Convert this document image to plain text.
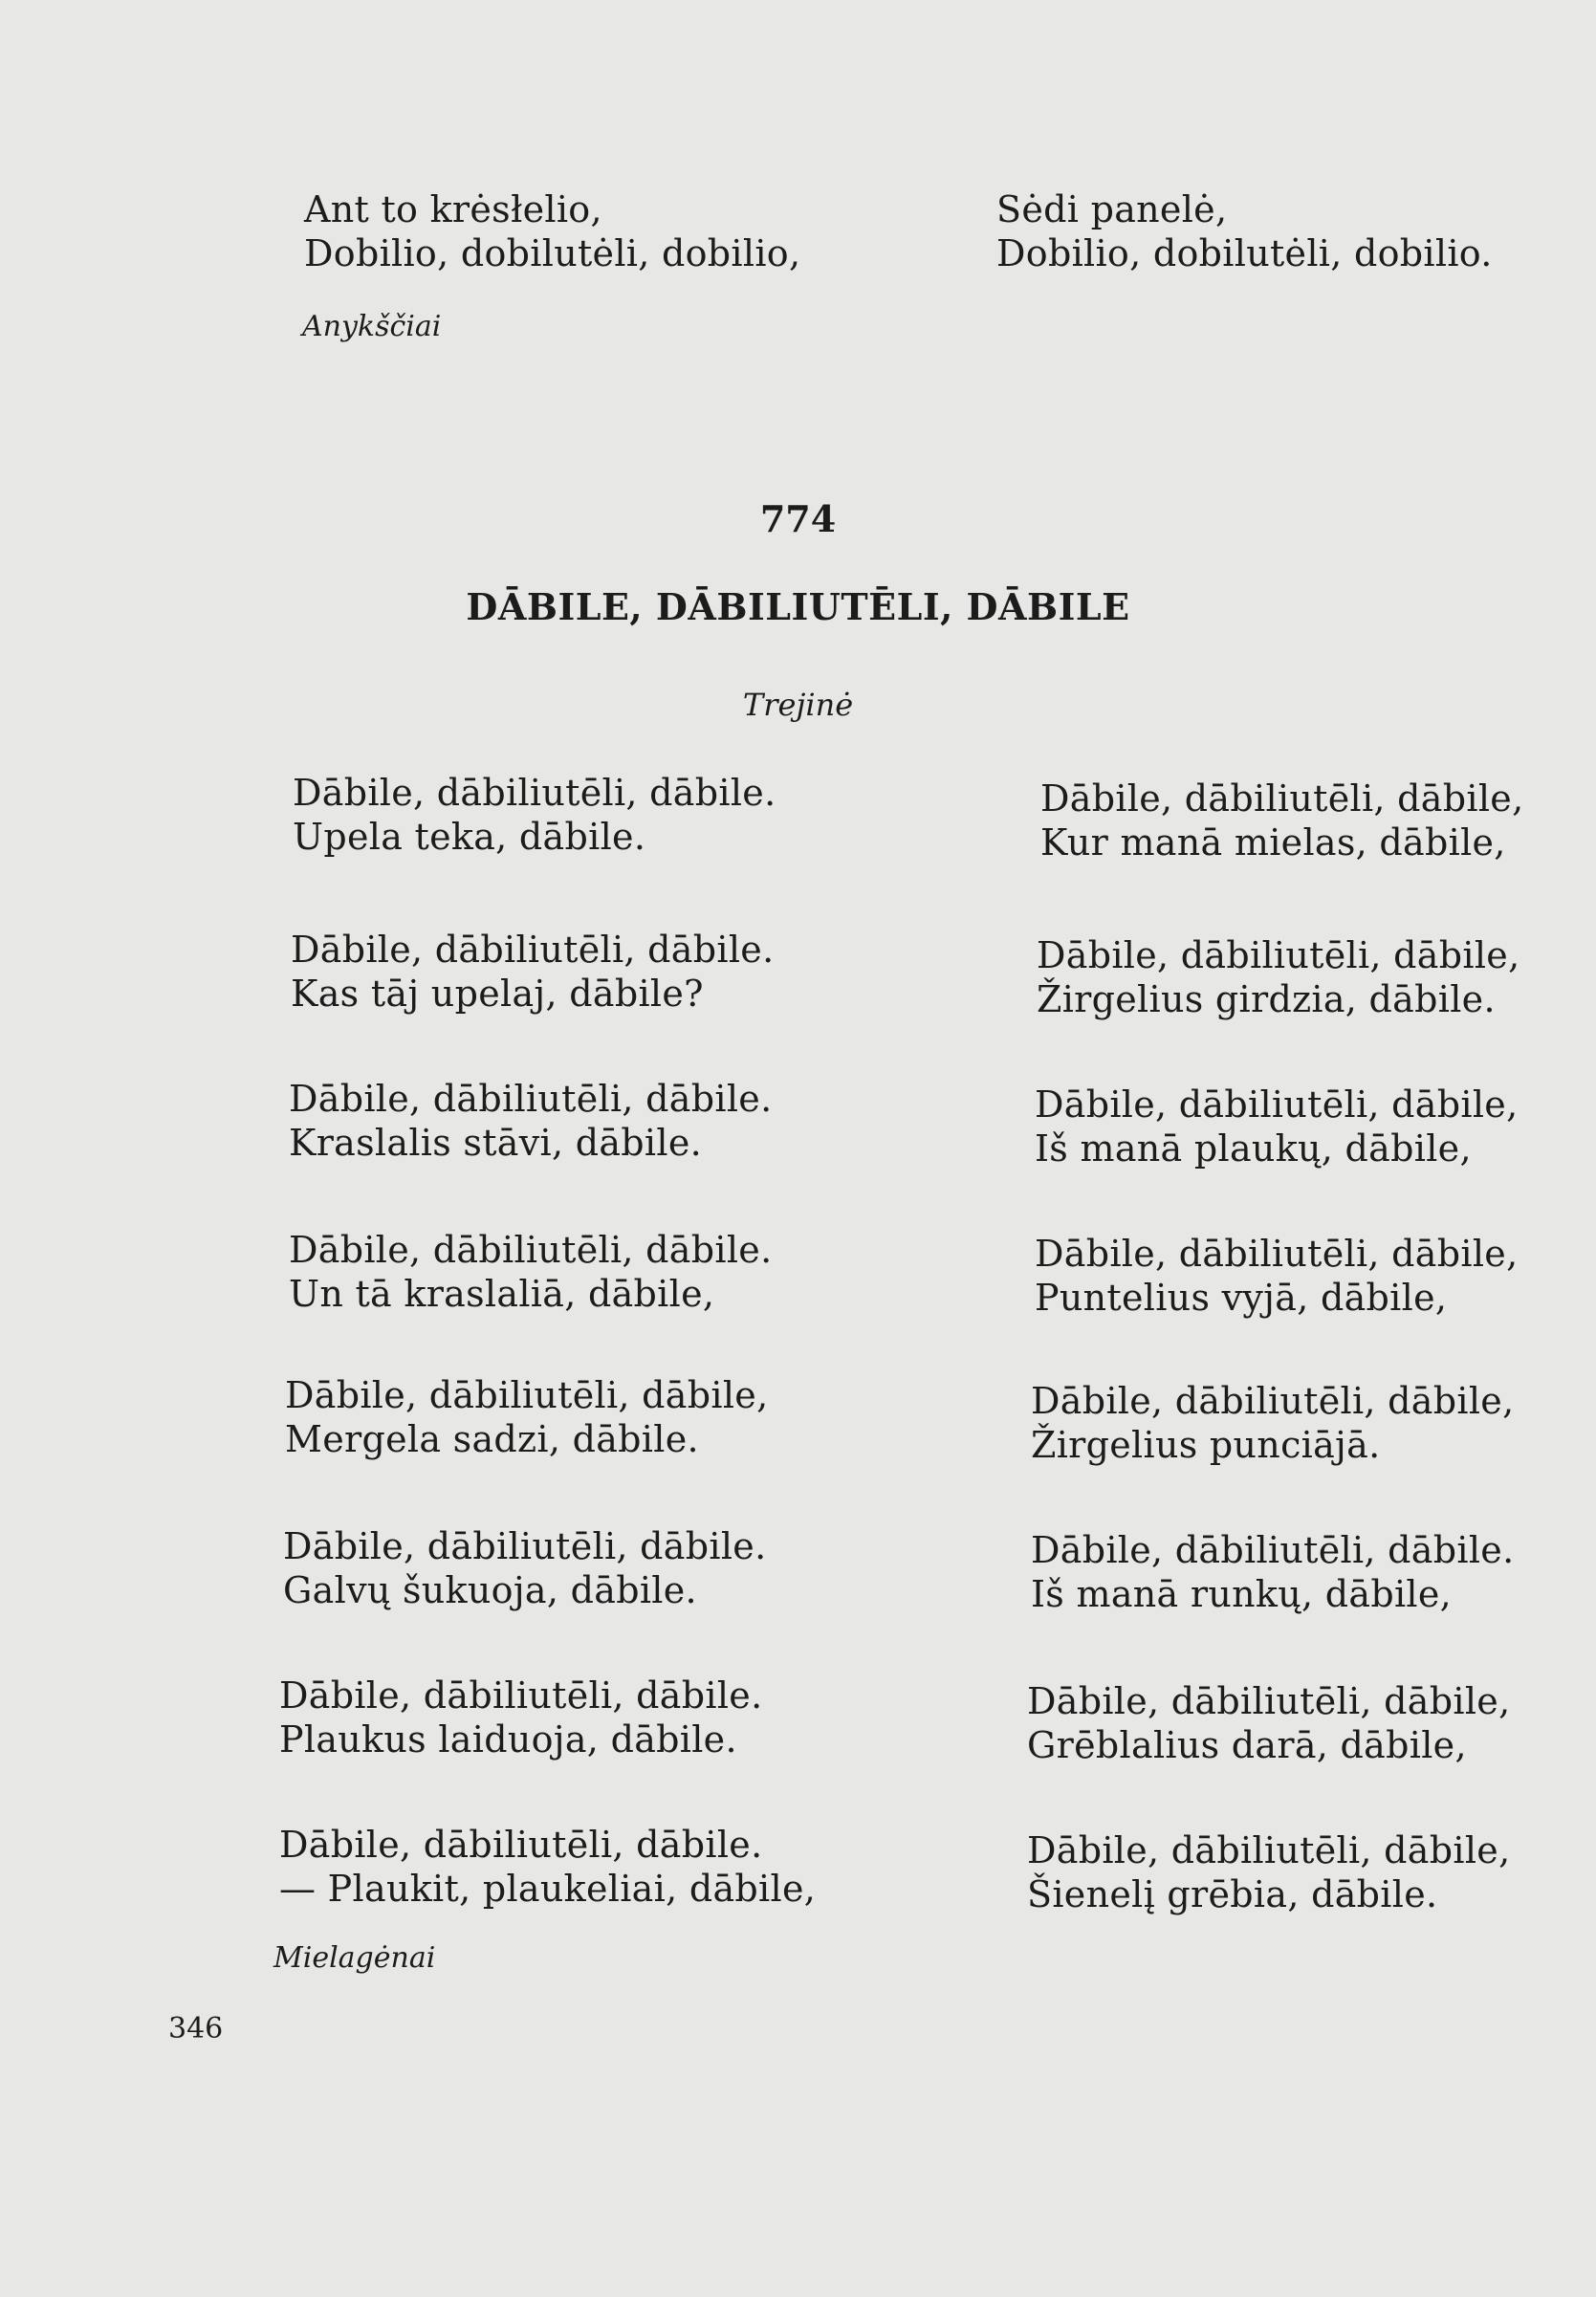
Ant to krėsłelio,
Dobilio, dobilutėli, dobilio,
Sėdi panelė,
Dobilio, dobilutėli, dobilio.
Anykščiai
774
DĀBILE, DĀBILIUTĒLI, DĀBILE
Trejinė
Dābile, dābiliutēli, dābile.
Upela teka, dābile.
Dābile, dābiliutēli, dābile.
Kas tāj upelaj, dābile?
Dābile, dābiliutēli, dābile.
Kraslalis stāvi, dābile.
Dābile, dābiliutēli, dābile.
Un tā kraslaliā, dābile,
Dābile, dābiliutēli, dābile,
Mergela sadzi, dābile.
Dābile, dābiliutēli, dābile.
Galvų šukuoja, dābile.
Dābile, dābiliutēli, dābile.
Plaukus laiduoja, dābile.
Dābile, dābiliutēli, dābile.
— Plaukit, plaukeliai, dābile,
Dābile, dābiliutēli, dābile,
Kur manā mielas, dābile,
Dābile, dābiliutēli, dābile,
Žirgelius girdzia, dābile.
Dābile, dābiliutēli, dābile,
Iš manā plaukų, dābile,
Dābile, dābiliutēli, dābile,
Puntelius vyjā, dābile,
Dābile, dābiliutēli, dābile,
Žirgelius punciājā.
Dābile, dābiliutēli, dābile.
Iš manā runkų, dābile,
Dābile, dābiliutēli, dābile,
Grēblalius darā, dābile,
Dābile, dābiliutēli, dābile,
Šienelį grēbia, dābile.
Mielagėnai
346
